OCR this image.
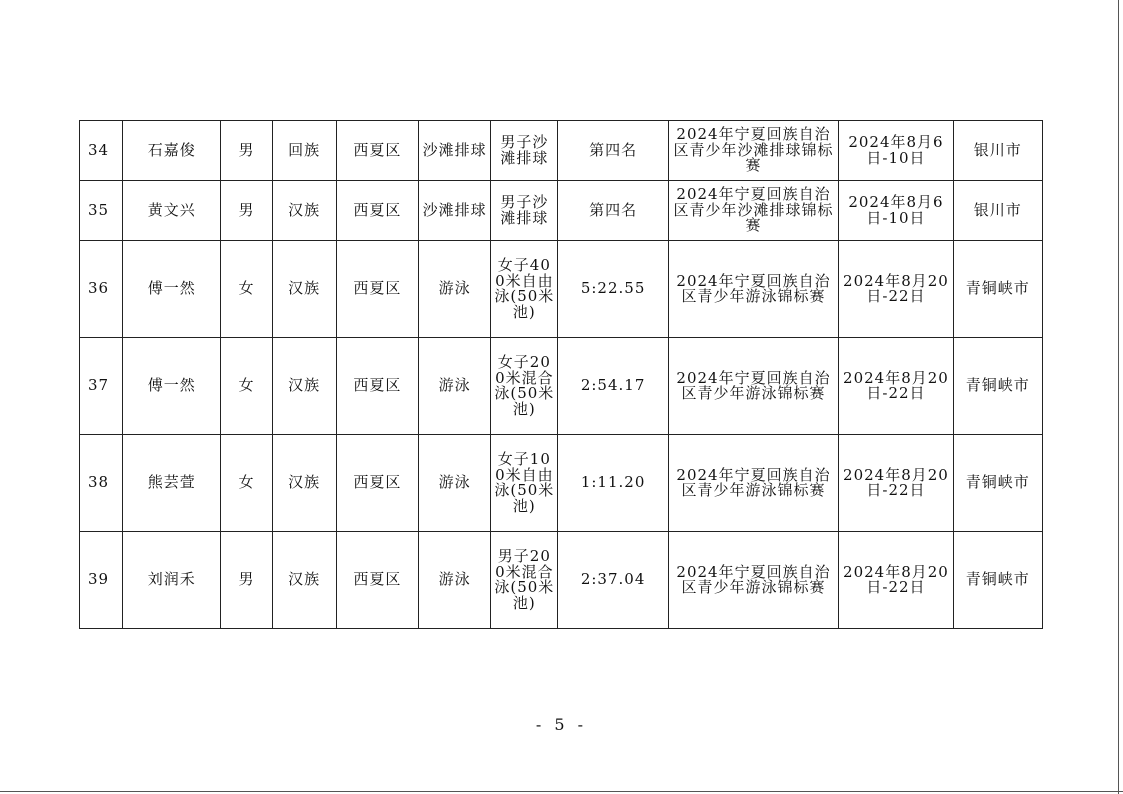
34	石嘉俊	男	回族	西夏区	沙滩排球	男子沙滩排球	第四名	2024年宁夏回族自治区青少年沙滩排球锦标赛	2024年8月6日-10日	银川市
35	黄文兴	男	汉族	西夏区	沙滩排球	男子沙滩排球	第四名	2024年宁夏回族自治区青少年沙滩排球锦标赛	2024年8月6日-10日	银川市
36	傅一然	女	汉族	西夏区	游泳	女子400米自由泳(50米池)	5:22.55	2024年宁夏回族自治区青少年游泳锦标赛	2024年8月20日-22日	青铜峡市
37	傅一然	女	汉族	西夏区	游泳	女子200米混合泳(50米池)	2:54.17	2024年宁夏回族自治区青少年游泳锦标赛	2024年8月20日-22日	青铜峡市
38	熊芸萱	女	汉族	西夏区	游泳	女子100米自由泳(50米池)	1:11.20	2024年宁夏回族自治区青少年游泳锦标赛	2024年8月20日-22日	青铜峡市
39	刘润禾	男	汉族	西夏区	游泳	男子200米混合泳(50米池)	2:37.04	2024年宁夏回族自治区青少年游泳锦标赛	2024年8月20日-22日	青铜峡市
- 5 -
